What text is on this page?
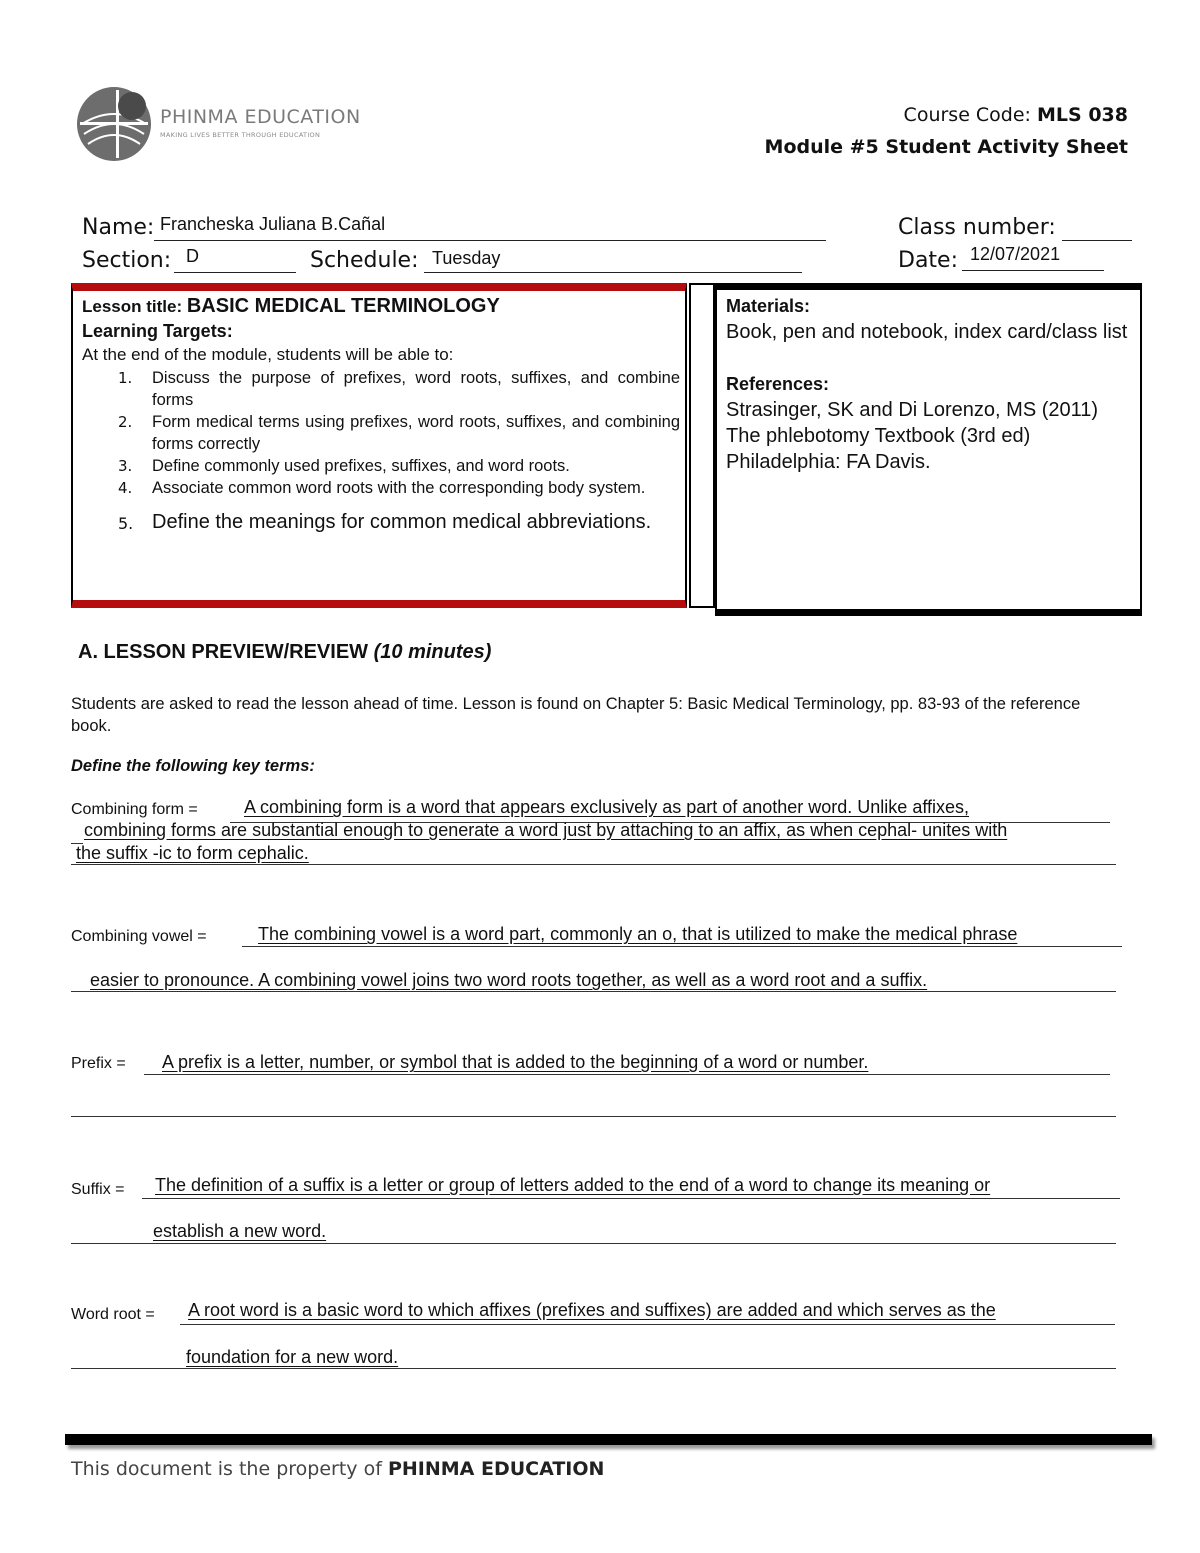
PHINMA EDUCATION
MAKING LIVES BETTER THROUGH EDUCATION
Course Code: MLS 038
Module #5 Student Activity Sheet
Name: Francheska Juliana B.Cañal	Class number:
Section: D	Schedule: Tuesday	Date: 12/07/2021
Lesson title: BASIC MEDICAL TERMINOLOGY
Learning Targets:
At the end of the module, students will be able to:
1. Discuss the purpose of prefixes, word roots, suffixes, and combine forms
2. Form medical terms using prefixes, word roots, suffixes, and combining forms correctly
3. Define commonly used prefixes, suffixes, and word roots.
4. Associate common word roots with the corresponding body system.
5. Define the meanings for common medical abbreviations.
Materials:
Book, pen and notebook, index card/class list
References:
Strasinger, SK and Di Lorenzo, MS (2011) The phlebotomy Textbook (3rd ed) Philadelphia: FA Davis.
A. LESSON PREVIEW/REVIEW (10 minutes)
Students are asked to read the lesson ahead of time. Lesson is found on Chapter 5: Basic Medical Terminology, pp. 83-93 of the reference book.
Define the following key terms:
Combining form =	A combining form is a word that appears exclusively as part of another word. Unlike affixes,
combining forms are substantial enough to generate a word just by attaching to an affix, as when cephal- unites with
the suffix -ic to form cephalic.
Combining vowel =	The combining vowel is a word part, commonly an o, that is utilized to make the medical phrase
easier to pronounce. A combining vowel joins two word roots together, as well as a word root and a suffix.
Prefix = A prefix is a letter, number, or symbol that is added to the beginning of a word or number.
Suffix = The definition of a suffix is a letter or group of letters added to the end of a word to change its meaning or
establish a new word.
Word root = A root word is a basic word to which affixes (prefixes and suffixes) are added and which serves as the
foundation for a new word.
This document is the property of PHINMA EDUCATION
